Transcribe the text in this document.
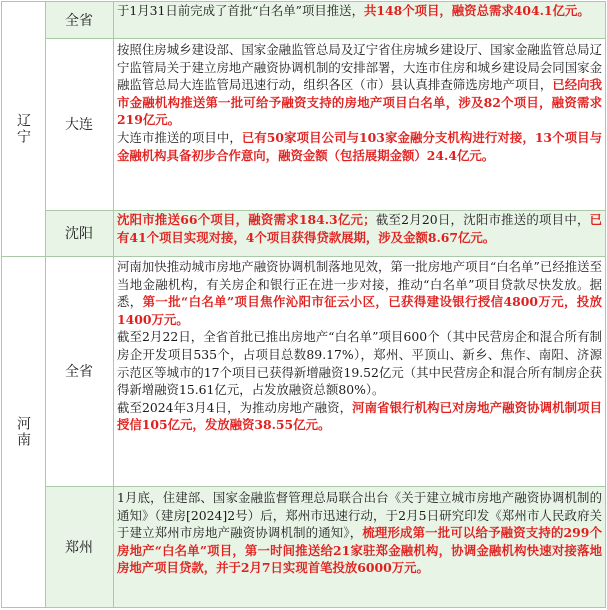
辽宁
河南
全省

于1月31日前完成了首批“白名单”项目推送，共148个项目，融资总需求404.1亿元。

大连

按照住房城乡建设部、国家金融监管总局及辽宁省住房城乡建设厅、国家金融监管总局辽宁监管局关于建立房地产融资协调机制的安排部署，大连市住房和城乡建设局会同国家金融监管总局大连监管局迅速行动，组织各区（市）县认真排查筛选房地产项目，已经向我市金融机构推送第一批可给予融资支持的房地产项目白名单，涉及82个项目，融资需求219亿元。

大连市推送的项目中，已有50家项目公司与103家金融分支机构进行对接，13个项目与金融机构具备初步合作意向，融资金额（包括展期金额）24.4亿元。

沈阳

沈阳市推送66个项目，融资需求184.3亿元；截至2月20日，沈阳市推送的项目中，已有41个项目实现对接，4个项目获得贷款展期，涉及金额8.67亿元。

全省

河南加快推动城市房地产融资协调机制落地见效，第一批房地产项目“白名单”已经推送至当地金融机构，有关房企和银行正在进一步对接，推动“白名单”项目贷款尽快发放。据悉，第一批“白名单”项目焦作沁阳市征云小区，已获得建设银行授信4800万元，投放1400万元。

截至2月22日，全省首批已推出房地产“白名单”项目600个（其中民营房企和混合所有制房企开发项目535个，占项目总数89.17%），郑州、平顶山、新乡、焦作、南阳、济源示范区等城市的17个项目已获得新增融资19.52亿元（其中民营房企和混合所有制房企获得新增融资15.61亿元，占发放融资总额80%）。

截至2024年3月4日，为推动房地产融资，河南省银行机构已对房地产融资协调机制项目授信105亿元，发放融资38.55亿元。

郑州

1月底，住建部、国家金融监督管理总局联合出台《关于建立城市房地产融资协调机制的通知》（建房[2024]2号）后，郑州市迅速行动，于2月5日研究印发《郑州市人民政府关于建立郑州市房地产融资协调机制的通知》，梳理形成第一批可以给予融资支持的299个房地产“白名单”项目，第一时间推送给21家驻郑金融机构，协调金融机构快速对接落地房地产项目贷款，并于2月7日实现首笔投放6000万元。
